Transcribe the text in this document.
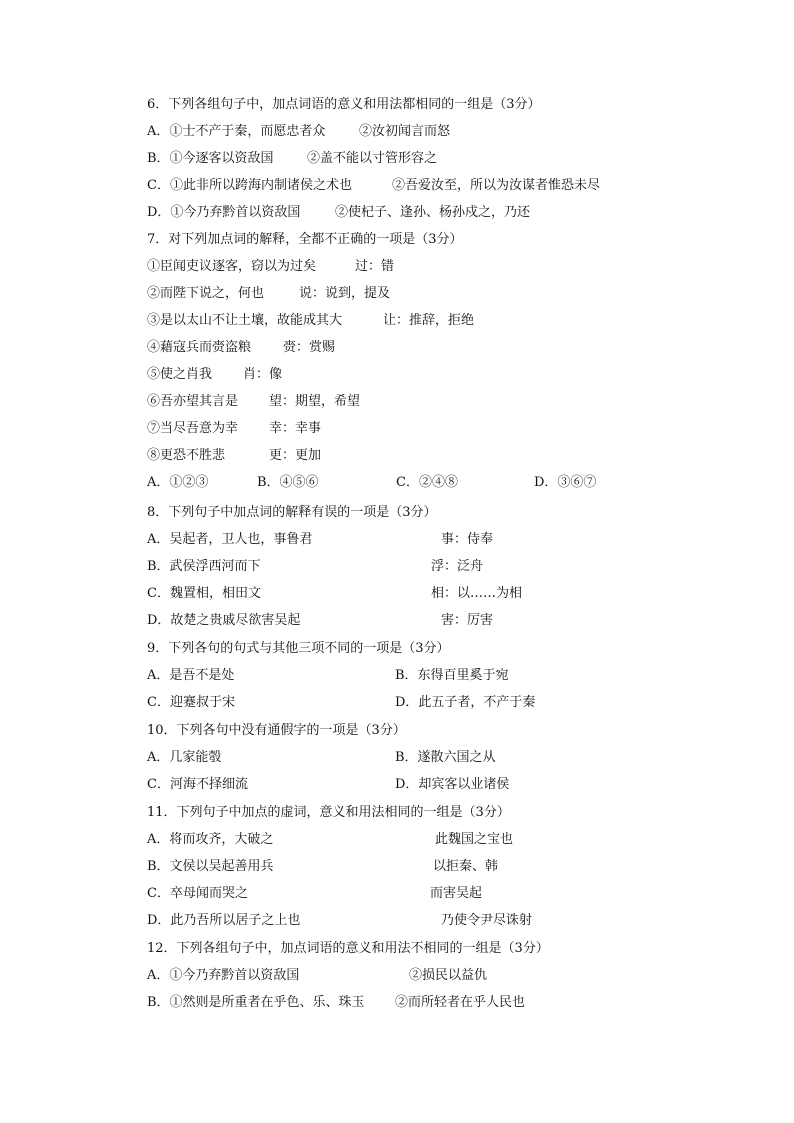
6．下列各组句子中，加点词语的意义和用法都相同的一组是（3分）
A．①士不产于秦，而愿忠者众	②汝初闻言而怒
B．①今逐客以资敌国	②盖不能以寸管形容之
C．①此非所以跨海内制诸侯之术也	②吾爱汝至，所以为汝谋者惟恐未尽
D．①今乃弃黔首以资敌国	②使杞子、逢孙、杨孙戍之，乃还
7．对下列加点词的解释，全都不正确的一项是（3分）
①臣闻吏议逐客，窃以为过矣	过：错
②而陛下说之，何也	说：说到，提及
③是以太山不让土壤，故能成其大	让：推辞，拒绝
④藉寇兵而赍盗粮 赍：赏赐
⑤使之肖我 肖：像
⑥吾亦望其言是 望：期望，希望
⑦当尽吾意为幸 幸：幸事
⑧更恐不胜悲	更：更加
A．①②③	B．④⑤⑥	C．②④⑧	D．③⑥⑦
8．下列句子中加点词的解释有误的一项是（3分）
A．吴起者，卫人也，事鲁君	事：侍奉
B．武侯浮西河而下	浮：泛舟
C．魏置相，相田文	相：以……为相
D．故楚之贵戚尽欲害吴起	害：厉害
9．下列各句的句式与其他三项不同的一项是（3分）
A．是吾不是处	B．东得百里奚于宛
C．迎蹇叔于宋	D．此五子者，不产于秦
10．下列各句中没有通假字的一项是（3分）
A．几家能彀	B．遂散六国之从
C．河海不择细流	D．却宾客以业诸侯
11．下列句子中加点的虚词，意义和用法相同的一组是（3分）
A．将而攻齐，大破之	此魏国之宝也
B．文侯以吴起善用兵	以拒秦、韩
C．卒母闻而哭之	而害吴起
D．此乃吾所以居子之上也	乃使令尹尽诛射
12．下列各组句子中，加点词语的意义和用法不相同的一组是（3分）
A．①今乃弃黔首以资敌国	②损民以益仇
B．①然则是所重者在乎色、乐、珠玉 ②而所轻者在乎人民也
